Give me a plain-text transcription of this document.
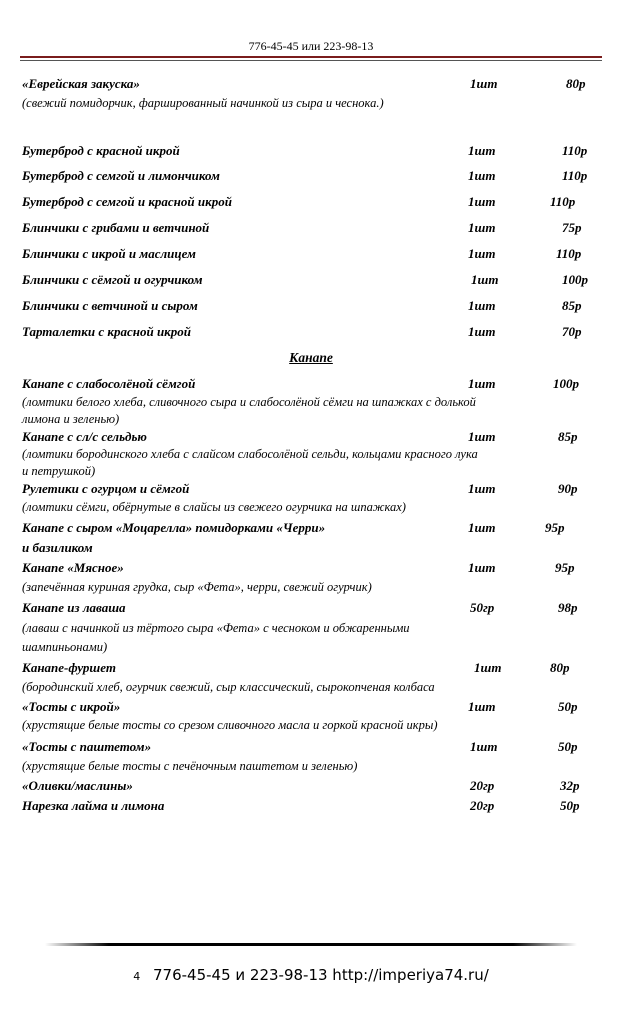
776-45-45 или 223-98-13
«Еврейская закуска»	1шт	80р
(свежий помидорчик, фаршированный начинкой из сыра и чеснока.)
Бутерброд с красной икрой	1шт	110р
Бутерброд с семгой и лимончиком	1шт	110р
Бутерброд с семгой и красной икрой	1шт	110р
Блинчики с грибами и ветчиной	1шт	75р
Блинчики с икрой и маслицем	1шт	110р
Блинчики с сёмгой и огурчиком	1шт	100р
Блинчики с ветчиной и сыром	1шт	85р
Тарталетки с красной икрой	1шт	70р
Канапе
Канапе с слабосолёной сёмгой	1шт	100р
(ломтики белого хлеба, сливочного сыра и слабосолёной сёмги на шпажках с долькой
лимона и зеленью)
Канапе с сл/с сельдью	1шт	85р
(ломтики бородинского хлеба с слайсом слабосолёной сельди, кольцами красного лука
и петрушкой)
Рулетики с огурцом и сёмгой	1шт	90р
(ломтики сёмги, обёрнутые в слайсы из свежего огурчика на шпажках)
Канапе с сыром «Моцарелла» помидорками «Черри»	1шт	95р
и базиликом
Канапе «Мясное»	1шт	95р
(запечённая куриная грудка, сыр «Фета», черри, свежий огурчик)
Канапе из лаваша	50гр	98р
(лаваш с начинкой из тёртого сыра «Фета» с чесноком и обжаренными
шампиньонами)
Канапе-фуршет	1шт	80р
(бородинский хлеб, огурчик свежий, сыр классический, сырокопченая колбаса
«Тосты с икрой»	1шт	50р
(хрустящие белые тосты со срезом сливочного масла и горкой красной икры)
«Тосты с паштетом»	1шт	50р
(хрустящие белые тосты с печёночным паштетом и зеленью)
«Оливки/маслины»	20гр	32р
Нарезка лайма и лимона	20гр	50р
4 776-45-45 и 223-98-13 http://imperiya74.ru/
